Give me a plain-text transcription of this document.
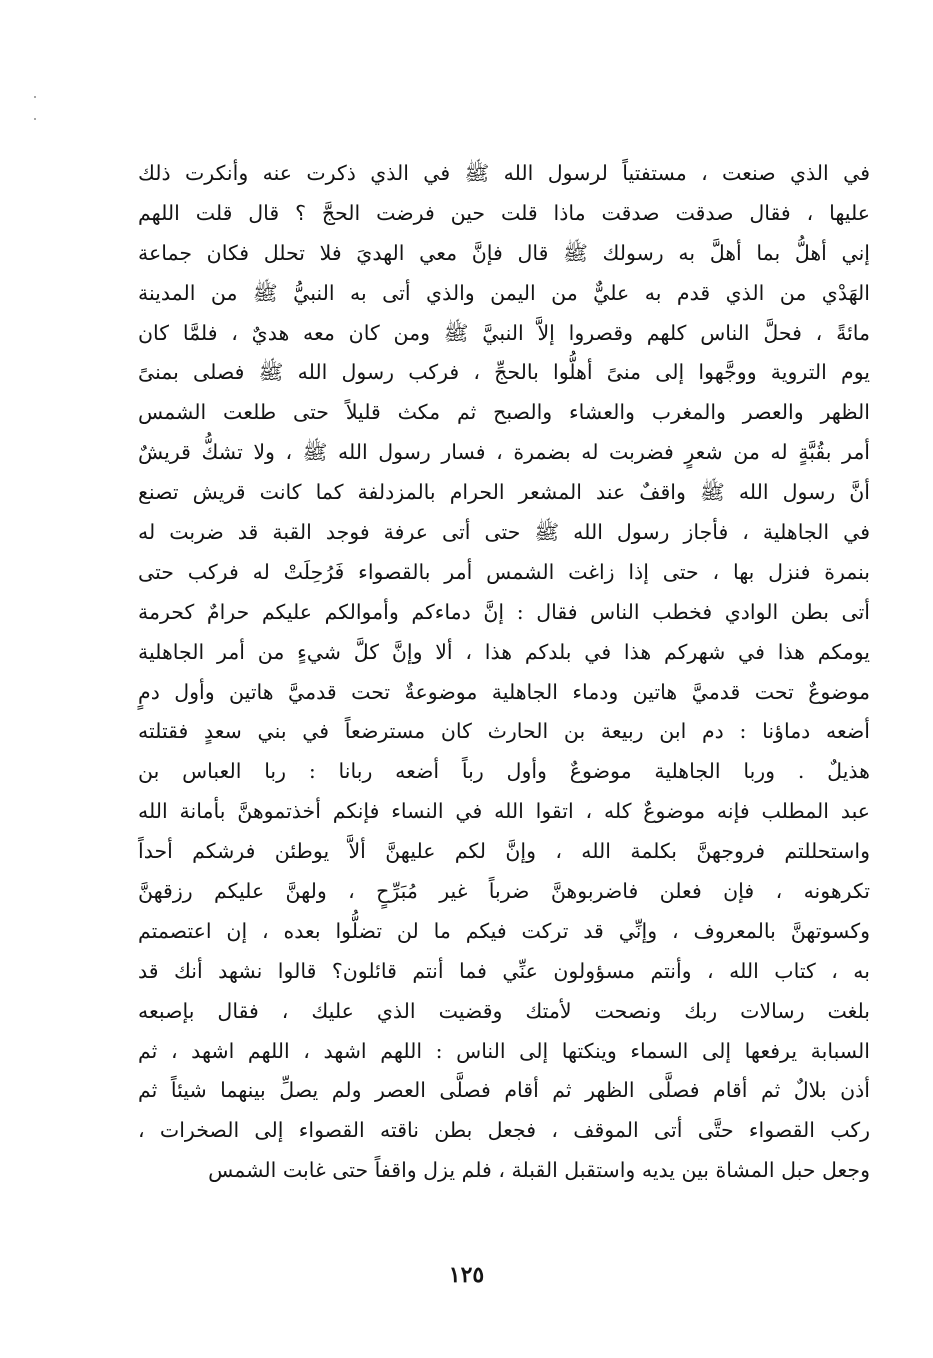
في الذي صنعت ، مستفتياً لرسول الله ﷺ في الذي ذكرت عنه وأنكرت ذلك
عليها ، فقال صدقت صدقت ماذا قلت حين فرضت الحجَّ ؟ قال قلت اللهم
إني أهلُّ بما أهلَّ به رسولك ﷺ قال فإنَّ معي الهديَ فلا تحلل فكان جماعة
الهَدْي من الذي قدم به عليٌّ من اليمن والذي أتى به النبيُّ ﷺ من المدينة
مائةً ، فحلَّ الناس كلهم وقصروا إلاَّ النبيَّ ﷺ ومن كان معه هديٌ ، فلمَّا كان
يوم التروية ووجَّهوا إلى منىً أهلُّوا بالحجِّ ، فركب رسول الله ﷺ فصلى بمنىً
الظهر والعصر والمغرب والعشاء والصبح ثم مكث قليلاً حتى طلعت الشمس
أمر بقُبَّةٍ له من شعرٍ فضربت له بضمرة ، فسار رسول الله ﷺ ، ولا تشكُّ قريشٌ
أنَّ رسول الله ﷺ واقفٌ عند المشعر الحرام بالمزدلفة كما كانت قريش تصنع
في الجاهلية ، فأجاز رسول الله ﷺ حتى أتى عرفة فوجد القبة قد ضربت له
بنمرة فنزل بها ، حتى إذا زاغت الشمس أمر بالقصواء فَرُحِلَتْ له فركب حتى
أتى بطن الوادي فخطب الناس فقال : إنَّ دماءكم وأموالكم عليكم حرامٌ كحرمة
يومكم هذا في شهركم هذا في بلدكم هذا ، ألا وإنَّ كلَّ شيءٍ من أمر الجاهلية
موضوعٌ تحت قدميَّ هاتين ودماء الجاهلية موضوعةٌ تحت قدميَّ هاتين وأول دمٍ
أضعه دماؤنا : دم ابن ربيعة بن الحارث كان مسترضعاً في بني سعدٍ فقتلته
هذيلٌ . وربا الجاهلية موضوعٌ وأول رباً أضعه ربانا : ربا العباس بن
عبد المطلب فإنه موضوعٌ كله ، اتقوا الله في النساء فإنكم أخذتموهنَّ بأمانة الله
واستحللتم فروجهنَّ بكلمة الله ، وإنَّ لكم عليهنَّ ألاَّ يوطئن فرشكم أحداً
تكرهونه ، فإن فعلن فاضربوهنَّ ضرباً غير مُبَرِّحٍ ، ولهنَّ عليكم رزقهنَّ
وكسوتهنَّ بالمعروف ، وإنِّي قد تركت فيكم ما لن تضلُّوا بعده ، إن اعتصمتم
به ، كتاب الله ، وأنتم مسؤولون عنِّي فما أنتم قائلون؟ قالوا نشهد أنك قد
بلغت رسالات ربك ونصحت لأمتك وقضيت الذي عليك ، فقال بإصبعه
السبابة يرفعها إلى السماء وينكتها إلى الناس : اللهم اشهد ، اللهم اشهد ، ثم
أذن بلالٌ ثم أقام فصلَّى الظهر ثم أقام فصلَّى العصر ولم يصلِّ بينهما شيئاً ثم
ركب القصواء حتَّى أتى الموقف ، فجعل بطن ناقته القصواء إلى الصخرات ،
وجعل حبل المشاة بين يديه واستقبل القبلة ، فلم يزل واقفاً حتى غابت الشمس
١٢٥
